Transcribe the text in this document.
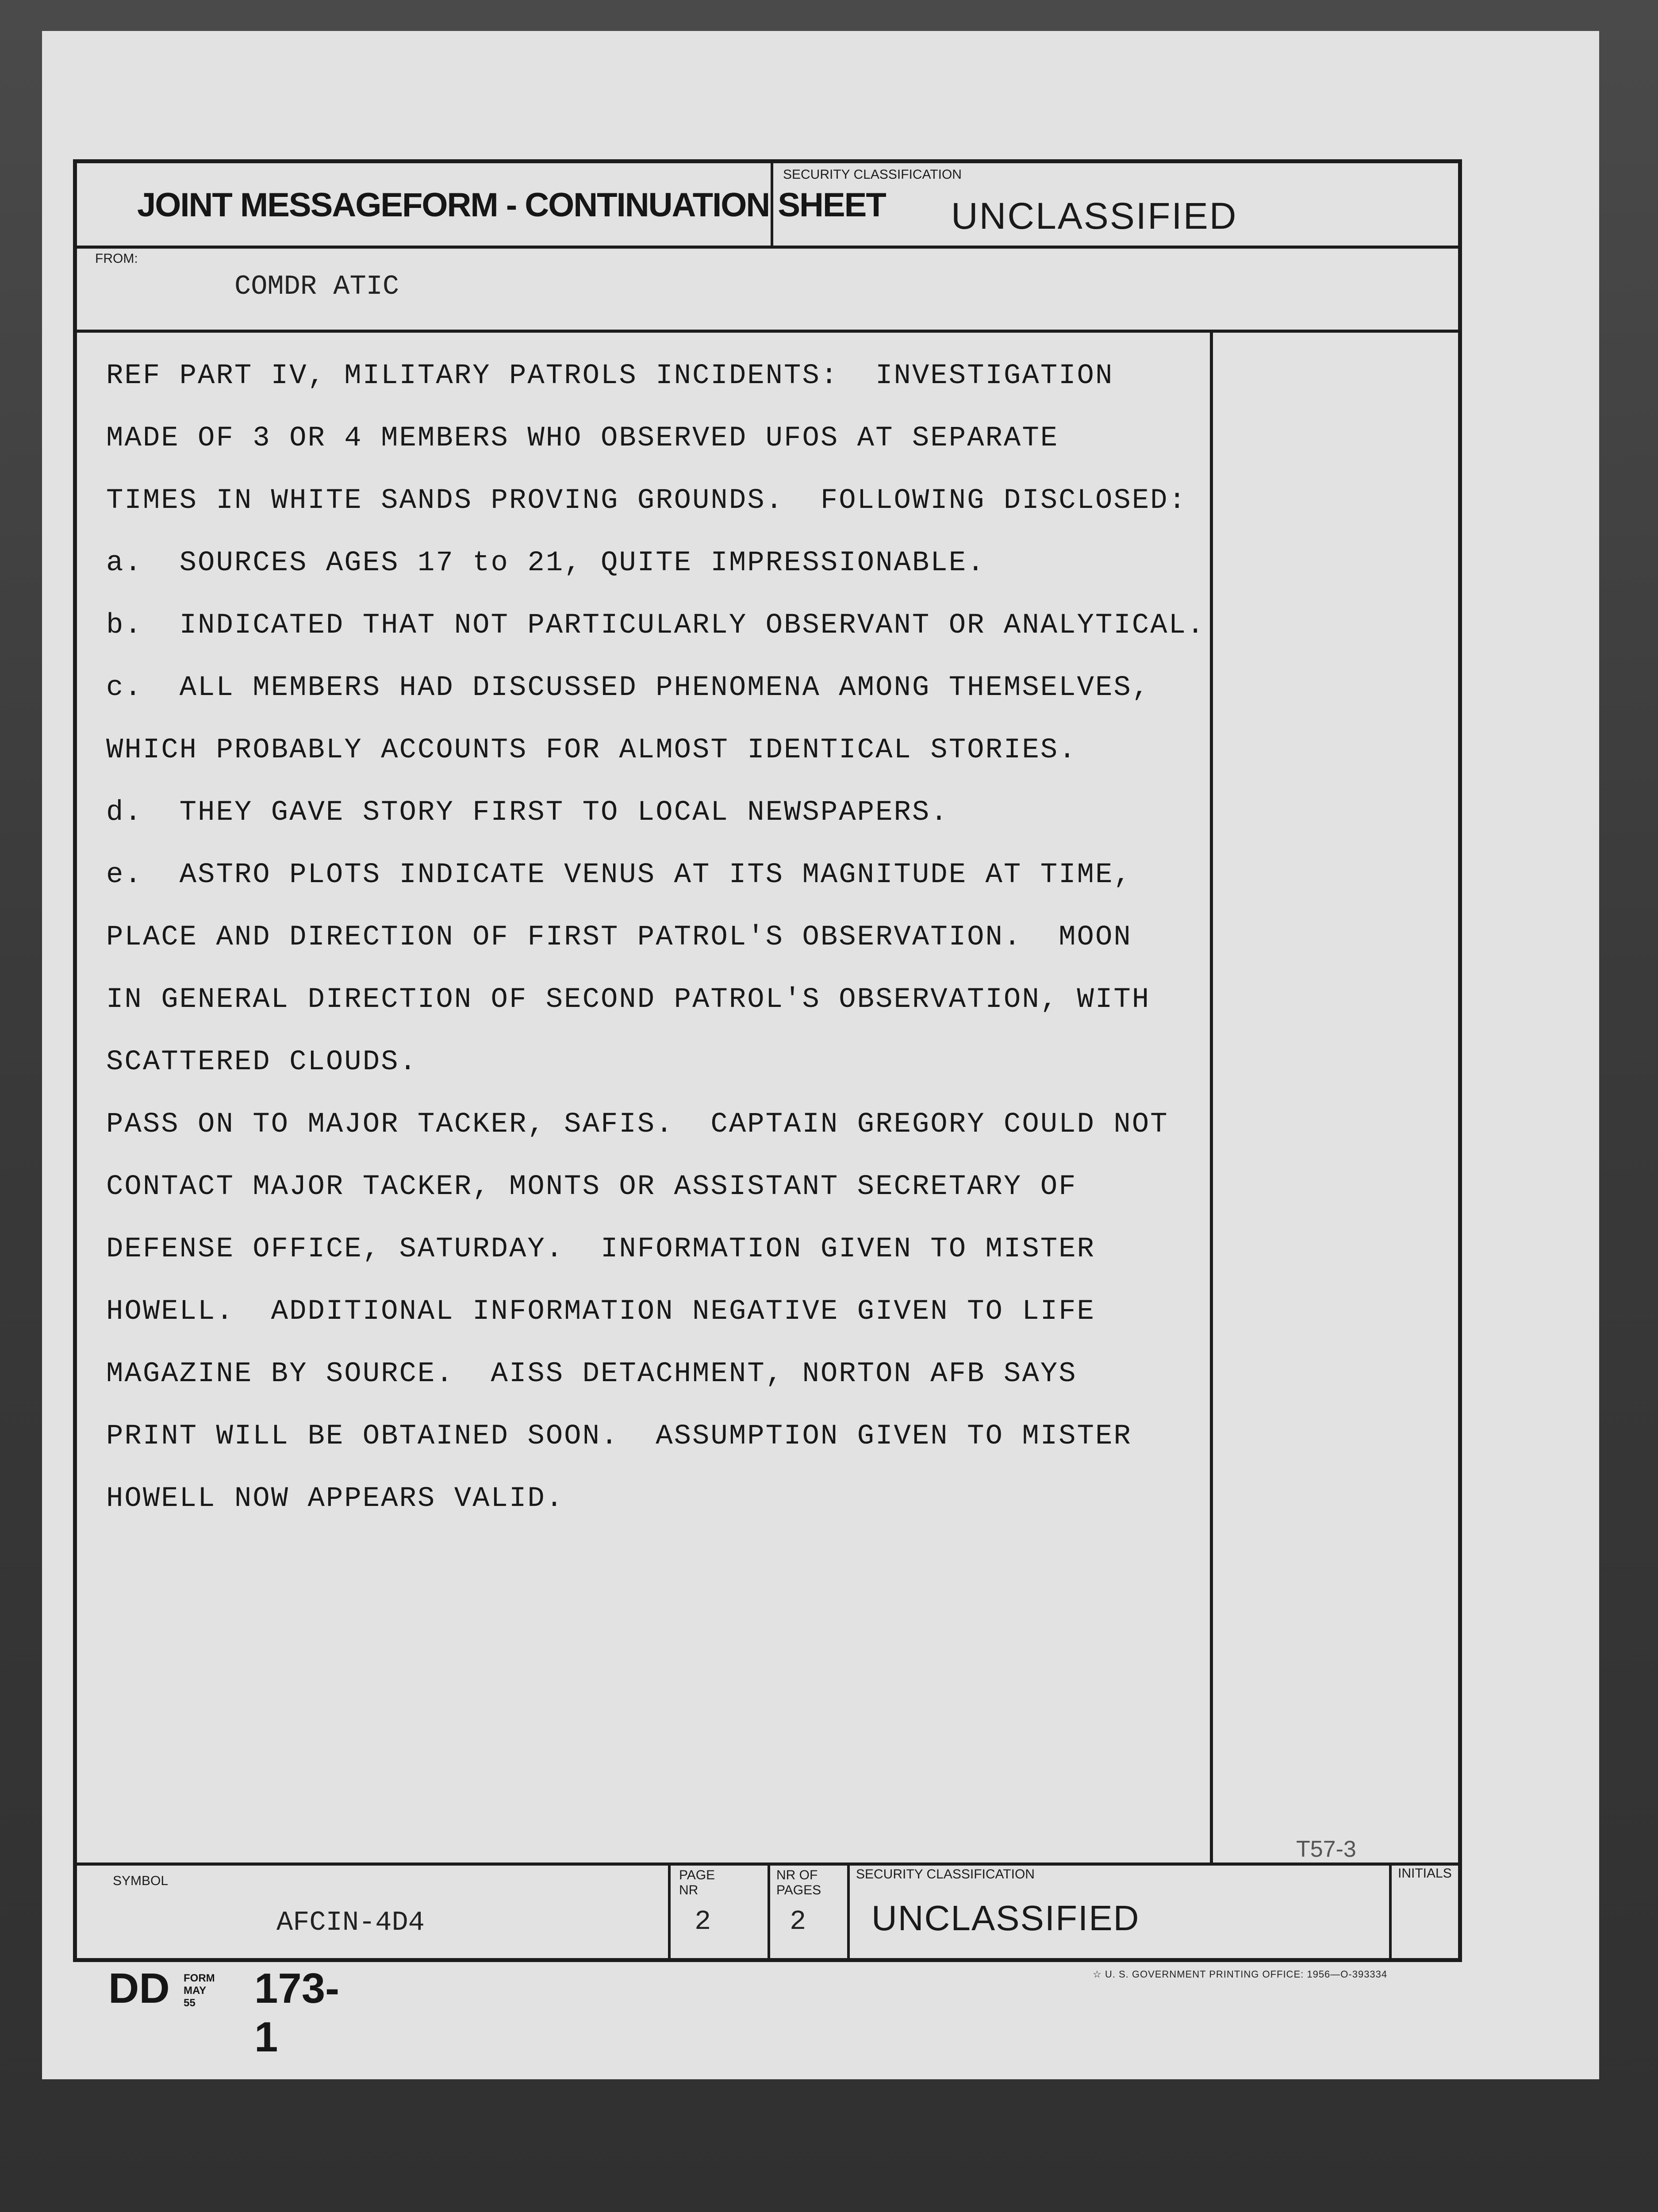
JOINT MESSAGEFORM - CONTINUATION SHEET
SECURITY CLASSIFICATION
UNCLASSIFIED
FROM:
COMDR ATIC
REF PART IV, MILITARY PATROLS INCIDENTS:  INVESTIGATION
MADE OF 3 OR 4 MEMBERS WHO OBSERVED UFOS AT SEPARATE
TIMES IN WHITE SANDS PROVING GROUNDS.  FOLLOWING DISCLOSED:
a.  SOURCES AGES 17 to 21, QUITE IMPRESSIONABLE.
b.  INDICATED THAT NOT PARTICULARLY OBSERVANT OR ANALYTICAL.
c.  ALL MEMBERS HAD DISCUSSED PHENOMENA AMONG THEMSELVES,
WHICH PROBABLY ACCOUNTS FOR ALMOST IDENTICAL STORIES.
d.  THEY GAVE STORY FIRST TO LOCAL NEWSPAPERS.
e.  ASTRO PLOTS INDICATE VENUS AT ITS MAGNITUDE AT TIME,
PLACE AND DIRECTION OF FIRST PATROL'S OBSERVATION.  MOON
IN GENERAL DIRECTION OF SECOND PATROL'S OBSERVATION, WITH
SCATTERED CLOUDS.
PASS ON TO MAJOR TACKER, SAFIS.  CAPTAIN GREGORY COULD NOT
CONTACT MAJOR TACKER, MONTS OR ASSISTANT SECRETARY OF
DEFENSE OFFICE, SATURDAY.  INFORMATION GIVEN TO MISTER
HOWELL.  ADDITIONAL INFORMATION NEGATIVE GIVEN TO LIFE
MAGAZINE BY SOURCE.  AISS DETACHMENT, NORTON AFB SAYS
PRINT WILL BE OBTAINED SOON.  ASSUMPTION GIVEN TO MISTER
HOWELL NOW APPEARS VALID.
SYMBOL
AFCIN-4D4
PAGE NR
2
NR OF PAGES
2
SECURITY CLASSIFICATION
UNCLASSIFIED
INITIALS
T57-3
DD FORM
MAY 55	173-1
☆ U. S. GOVERNMENT PRINTING OFFICE: 1956—O-393334
